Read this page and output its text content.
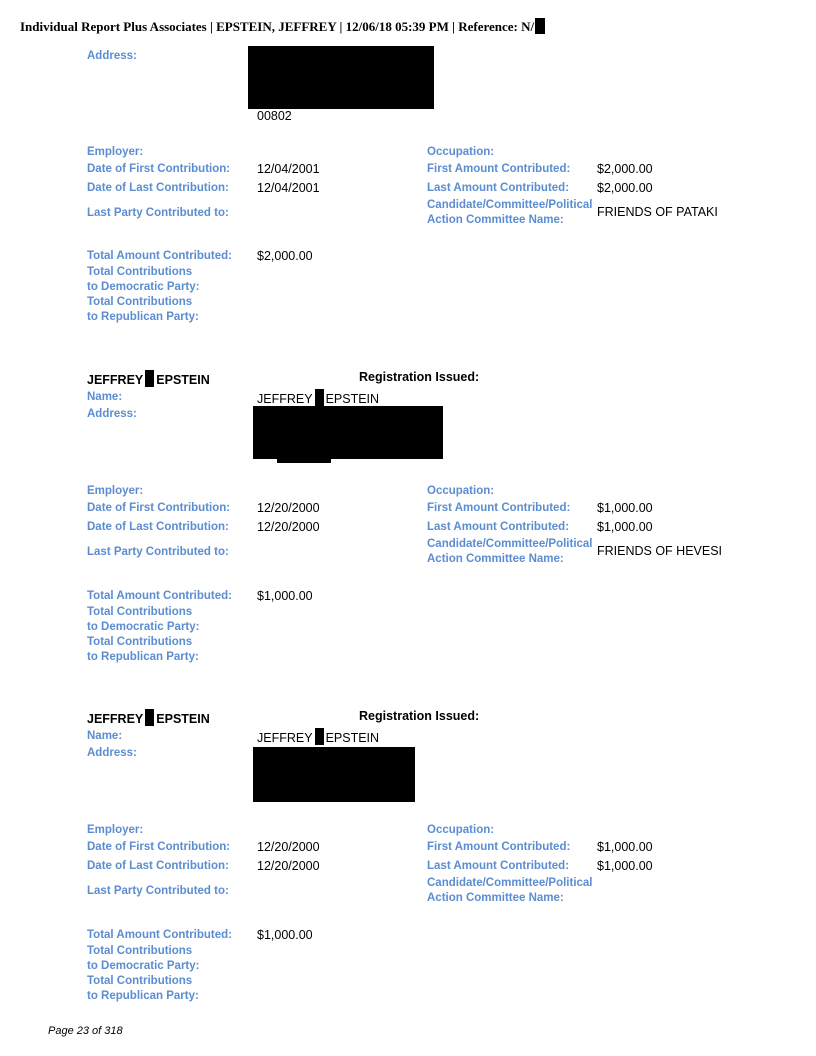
Individual Report Plus Associates | EPSTEIN, JEFFREY | 12/06/18 05:39 PM | Reference: N/
Address:
00802
Employer:
Date of First Contribution: 12/04/2001
Date of Last Contribution: 12/04/2001
Last Party Contributed to:
Occupation:
First Amount Contributed: $2,000.00
Last Amount Contributed: $2,000.00
Candidate/Committee/Political
Action Committee Name:
FRIENDS OF PATAKI
Total Amount Contributed: $2,000.00
Total Contributions
to Democratic Party:
Total Contributions
to Republican Party:
JEFFREY EPSTEIN	Registration Issued:
Name:	JEFFREY EPSTEIN
Address:
Employer:
Date of First Contribution: 12/20/2000
Date of Last Contribution: 12/20/2000
Last Party Contributed to:
Occupation:
First Amount Contributed: $1,000.00
Last Amount Contributed: $1,000.00
Candidate/Committee/Political
Action Committee Name:
FRIENDS OF HEVESI
Total Amount Contributed: $1,000.00
Total Contributions
to Democratic Party:
Total Contributions
to Republican Party:
JEFFREY EPSTEIN	Registration Issued:
Name:	JEFFREY EPSTEIN
Address:
Employer:
Date of First Contribution: 12/20/2000
Date of Last Contribution: 12/20/2000
Last Party Contributed to:
Occupation:
First Amount Contributed: $1,000.00
Last Amount Contributed: $1,000.00
Candidate/Committee/Political
Action Committee Name:
Total Amount Contributed: $1,000.00
Total Contributions
to Democratic Party:
Total Contributions
to Republican Party:
Page 23 of 318
